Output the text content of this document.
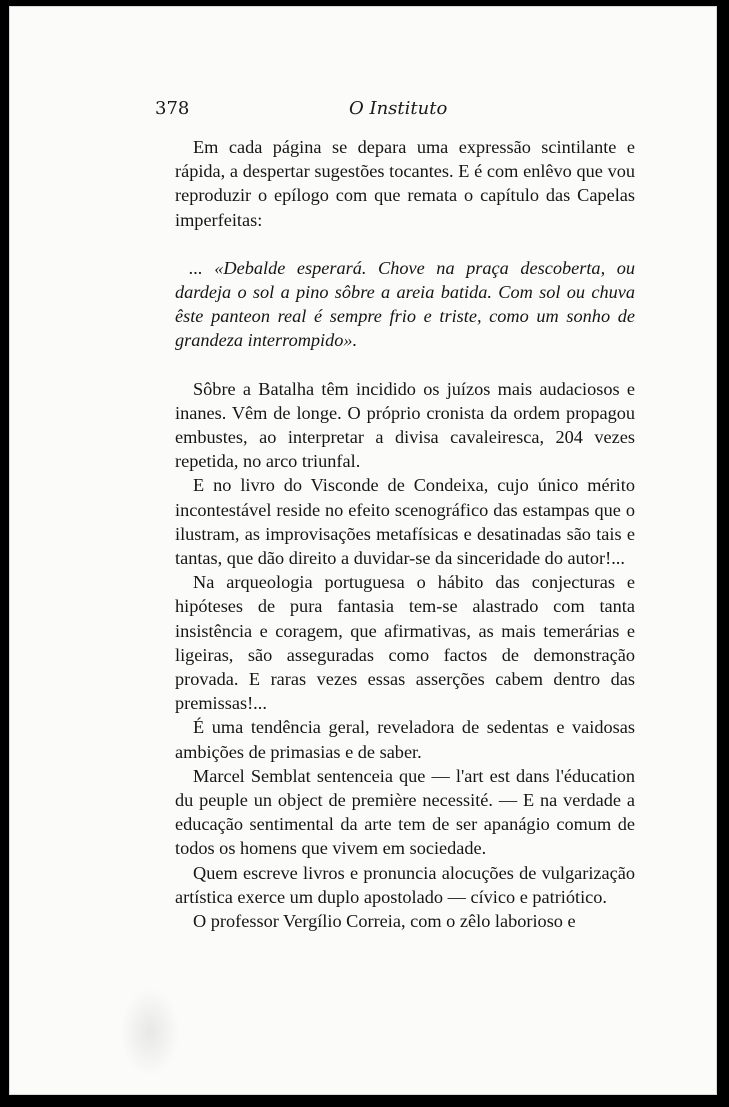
378	O Instituto

Em cada página se depara uma expressão scintilante e rápida, a despertar sugestões tocantes. E é com enlêvo que vou reproduzir o epílogo com que remata o capítulo das Capelas imperfeitas:

... «Debalde esperará. Chove na praça descoberta, ou dardeja o sol a pino sôbre a areia batida. Com sol ou chuva êste panteon real é sempre frio e triste, como um sonho de grandeza interrompido».

Sôbre a Batalha têm incidido os juízos mais audaciosos e inanes. Vêm de longe. O próprio cronista da ordem propagou embustes, ao interpretar a divisa cavaleiresca, 204 vezes repetida, no arco triunfal.

E no livro do Visconde de Condeixa, cujo único mérito incontestável reside no efeito scenográfico das estampas que o ilustram, as improvisações metafísicas e desatinadas são tais e tantas, que dão direito a duvidar-se da sinceridade do autor!...

Na arqueologia portuguesa o hábito das conjecturas e hipóteses de pura fantasia tem-se alastrado com tanta insistência e coragem, que afirmativas, as mais temerárias e ligeiras, são asseguradas como factos de demonstração provada. E raras vezes essas asserções cabem dentro das premissas!...

É uma tendência geral, reveladora de sedentas e vaidosas ambições de primasias e de saber.

Marcel Semblat sentenceia que — l'art est dans l'éducation du peuple un object de première necessité. — E na verdade a educação sentimental da arte tem de ser apanágio comum de todos os homens que vivem em sociedade.

Quem escreve livros e pronuncia alocuções de vulgarização artística exerce um duplo apostolado — cívico e patriótico.

O professor Vergílio Correia, com o zêlo laborioso e
